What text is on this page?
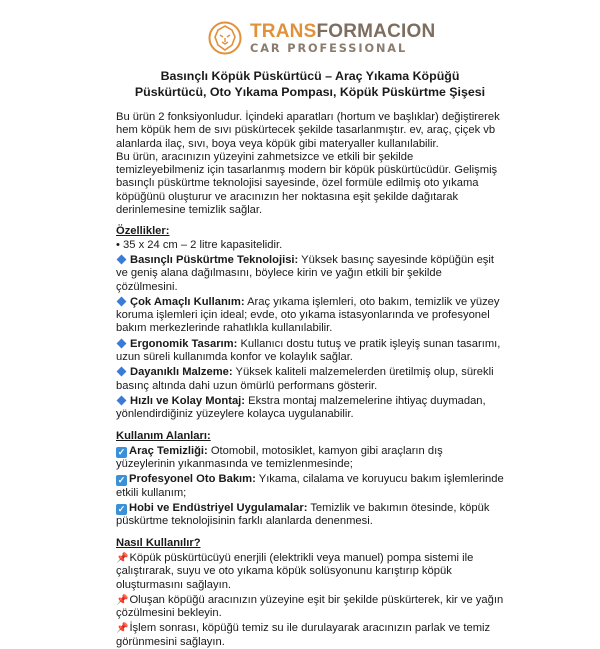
TRANSFORMACION
CAR PROFESSIONAL
Basınçlı Köpük Püskürtücü – Araç Yıkama Köpüğü
Püskürtücü, Oto Yıkama Pompası, Köpük Püskürtme Şişesi

Bu ürün 2 fonksiyonludur. İçindeki aparatları (hortum ve başlıklar) değiştirerek hem köpük hem de sıvı püskürtecek şekilde tasarlanmıştır. ev, araç, çiçek vb alanlarda ilaç, sıvı, boya veya köpük gibi materyaller kullanılabilir.

Bu ürün, aracınızın yüzeyini zahmetsizce ve etkili bir şekilde temizleyebilmeniz için tasarlanmış modern bir köpük püskürtücüdür. Gelişmiş basınçlı püskürtme teknolojisi sayesinde, özel formüle edilmiş oto yıkama köpüğünü oluşturur ve aracınızın her noktasına eşit şekilde dağıtarak derinlemesine temizlik sağlar.

Özellikler:

• 35 x 24 cm – 2 litre kapasitelidir.

Basınçlı Püskürtme Teknolojisi: Yüksek basınç sayesinde köpüğün eşit ve geniş alana dağılmasını, böylece kirin ve yağın etkili bir şekilde çözülmesini.

Çok Amaçlı Kullanım: Araç yıkama işlemleri, oto bakım, temizlik ve yüzey koruma işlemleri için ideal; evde, oto yıkama istasyonlarında ve profesyonel bakım merkezlerinde rahatlıkla kullanılabilir.

Ergonomik Tasarım: Kullanıcı dostu tutuş ve pratik işleyiş sunan tasarımı, uzun süreli kullanımda konfor ve kolaylık sağlar.

Dayanıklı Malzeme: Yüksek kaliteli malzemelerden üretilmiş olup, sürekli basınç altında dahi uzun ömürlü performans gösterir.

Hızlı ve Kolay Montaj: Ekstra montaj malzemelerine ihtiyaç duymadan, yönlendirdiğiniz yüzeylere kolayca uygulanabilir.

Kullanım Alanları:

✓ Araç Temizliği: Otomobil, motosiklet, kamyon gibi araçların dış yüzeylerinin yıkanmasında ve temizlenmesinde;

✓ Profesyonel Oto Bakım: Yıkama, cilalama ve koruyucu bakım işlemlerinde etkili kullanım;

✓ Hobi ve Endüstriyel Uygulamalar: Temizlik ve bakımın ötesinde, köpük püskürtme teknolojisinin farklı alanlarda denenmesi.

Nasıl Kullanılır?

📌Köpük püskürtücüyü enerjili (elektrikli veya manuel) pompa sistemi ile çalıştırarak, suyu ve oto yıkama köpük solüsyonunu karıştırıp köpük oluşturmasını sağlayın.

📌Oluşan köpüğü aracınızın yüzeyine eşit bir şekilde püskürterek, kir ve yağın çözülmesini bekleyin.

📌İşlem sonrası, köpüğü temiz su ile durulayarak aracınızın parlak ve temiz görünmesini sağlayın.
